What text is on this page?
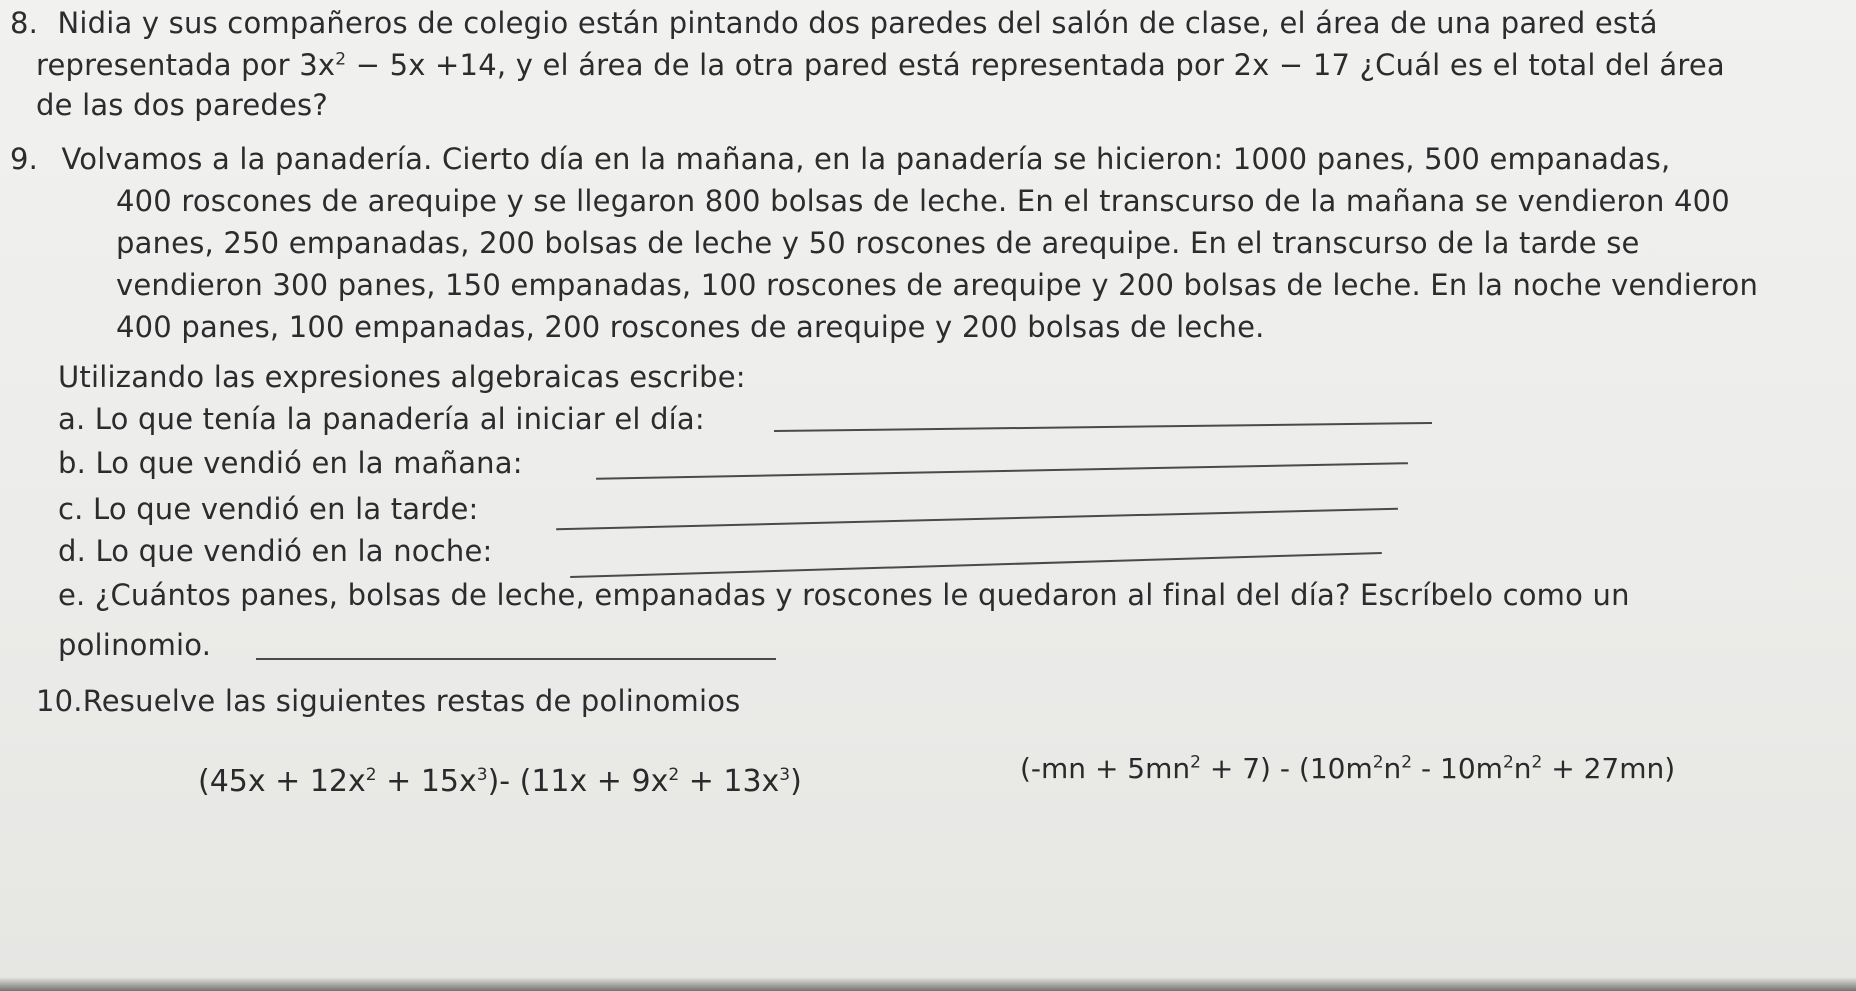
8. Nidia y sus compañeros de colegio están pintando dos paredes del salón de clase, el área de una pared está
representada por $3x^2 - 5x +14$, y el área de la otra pared está representada por 2x − 17 ¿Cuál es el total del área
de las dos paredes?
9. Volvamos a la panadería. Cierto día en la mañana, en la panadería se hicieron: 1000 panes, 500 empanadas,
400 roscones de arequipe y se llegaron 800 bolsas de leche. En el transcurso de la mañana se vendieron 400
panes, 250 empanadas, 200 bolsas de leche y 50 roscones de arequipe. En el transcurso de la tarde se
vendieron 300 panes, 150 empanadas, 100 roscones de arequipe y 200 bolsas de leche. En la noche vendieron
400 panes, 100 empanadas, 200 roscones de arequipe y 200 bolsas de leche.
Utilizando las expresiones algebraicas escribe:
a. Lo que tenía la panadería al iniciar el día:
b. Lo que vendió en la mañana:
c. Lo que vendió en la tarde:
d. Lo que vendió en la noche:
e. ¿Cuántos panes, bolsas de leche, empanadas y roscones le quedaron al final del día? Escríbelo como un
polinomio.
10.Resuelve las siguientes restas de polinomios
$(45x + 12x^2 + 15x^3)-$ $(11x + 9x^2 + 13x^3)$	$(-mn + 5mn^2 + 7) - (10m^2n^2 - 10m^2n^2 + 27mn)$
